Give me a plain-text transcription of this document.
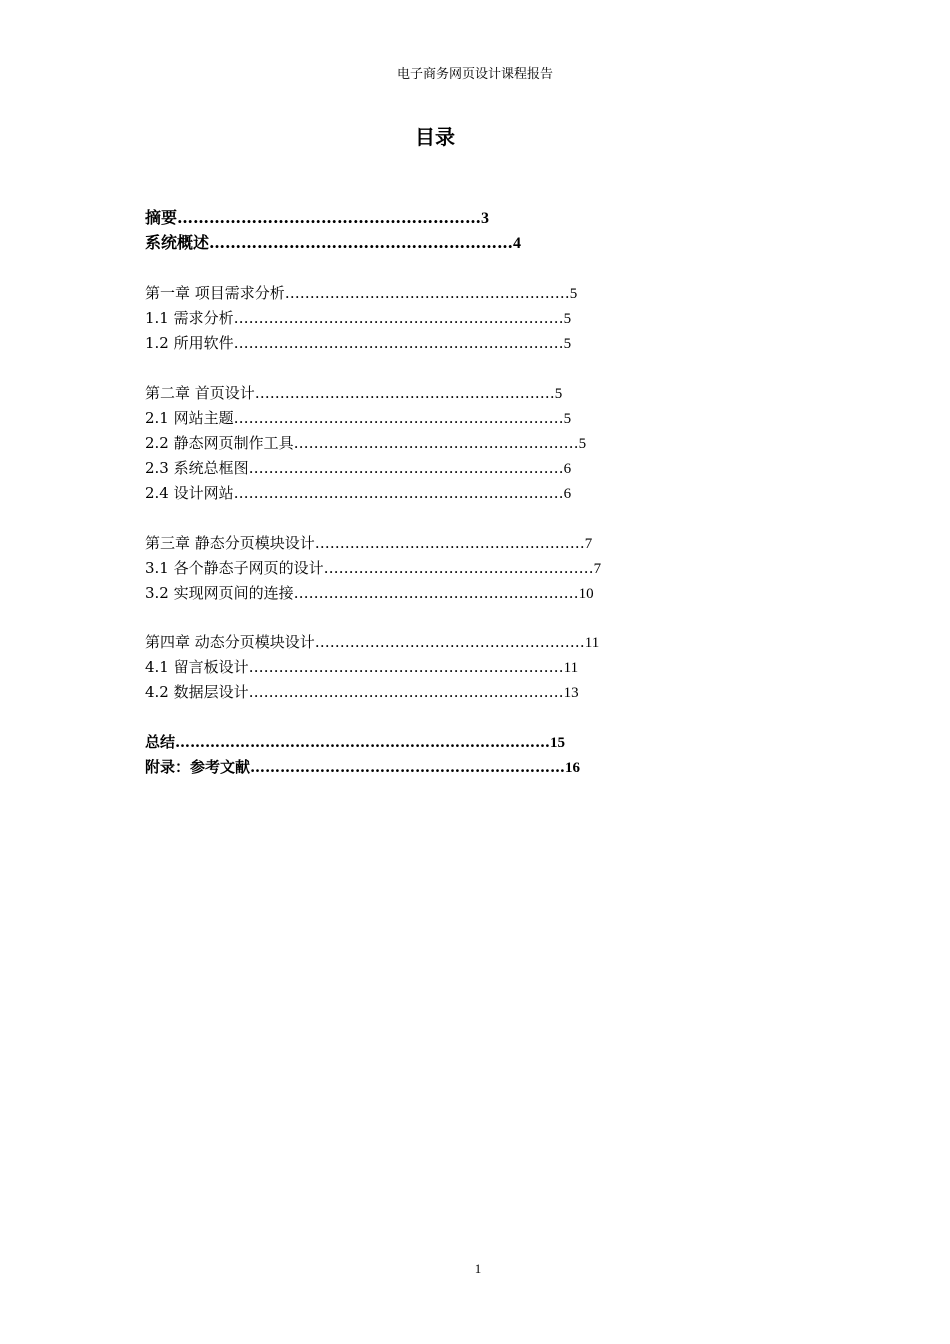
电子商务网页设计课程报告
目录
摘要…………………………………………………3
系统概述…………………………………………………4
第一章 项目需求分析…………………………………………………5
1.1 需求分析…………………………………………………………5
1.2 所用软件…………………………………………………………5
第二章 首页设计……………………………………………………5
2.1 网站主题…………………………………………………………5
2.2 静态网页制作工具…………………………………………………5
2.3 系统总框图………………………………………………………6
2.4 设计网站…………………………………………………………6
第三章 静态分页模块设计………………………………………………7
3.1 各个静态子网页的设计………………………………………………7
3.2 实现网页间的连接…………………………………………………10
第四章 动态分页模块设计………………………………………………11
4.1 留言板设计………………………………………………………11
4.2 数据层设计………………………………………………………13
总结…………………………………………………………………15
附录：参考文献………………………………………………………16
1
